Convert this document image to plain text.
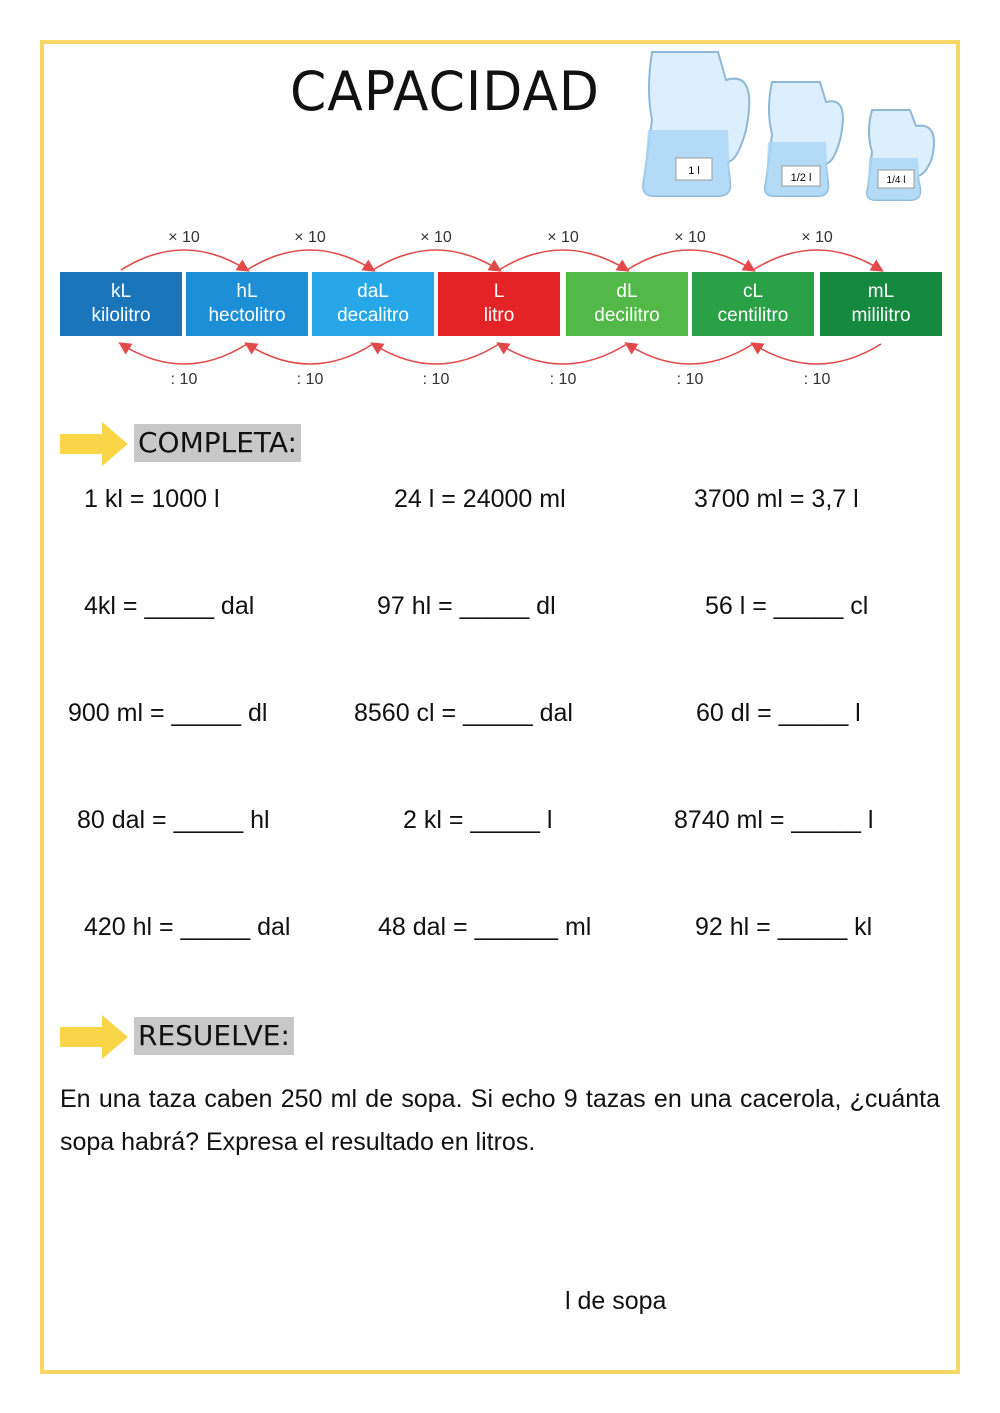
CAPACIDAD
1 l
1/2 l	1/4 l
× 10
: 10
× 10
: 10
× 10
: 10
× 10
: 10
× 10
: 10
× 10
: 10
kL
kilolitro
hL
hectolitro
daL
decalitro
L
litro
dL
decilitro
cL
centilitro
mL
mililitro
COMPLETA:
1 kl = 1000 l	24 l = 24000 ml	3700 ml = 3,7 l
4kl = _____ dal	97 hl = _____ dl	56 l = _____ cl
900 ml = _____ dl	8560 cl = _____ dal	60 dl = _____ l
80 dal = _____ hl	2 kl = _____ l	8740 ml = _____ l
420 hl = _____ dal	48 dal = ______ ml	92 hl = _____ kl
RESUELVE:
En una taza caben 250 ml de sopa. Si echo 9 tazas en una cacerola, ¿cuánta sopa habrá? Expresa el resultado en litros.
l de sopa
